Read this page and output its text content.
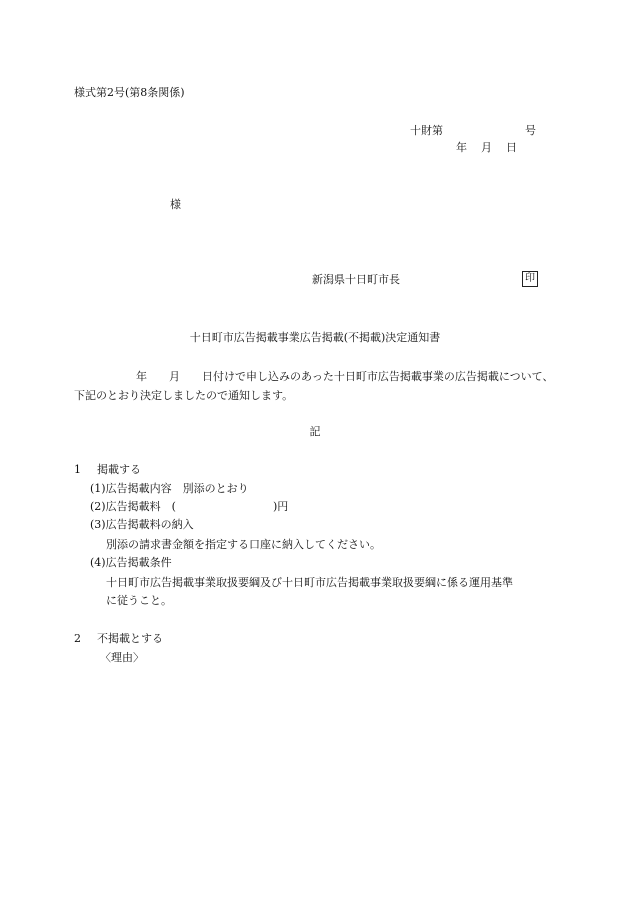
様式第2号(第8条関係)
十財第	号
年 月 日
様
新潟県十日町市長	印
十日町市広告掲載事業広告掲載(不掲載)決定通知書
年 月 日付けで申し込みのあった十日町市広告掲載事業の広告掲載について、下記のとおり決定しましたので通知します。
記
1 掲載する
(1)広告掲載内容　別添のとおり
(2)広告掲載料　(	)円
(3)広告掲載料の納入
別添の請求書金額を指定する口座に納入してください。
(4)広告掲載条件
十日町市広告掲載事業取扱要綱及び十日町市広告掲載事業取扱要綱に係る運用基準
に従うこと。
2 不掲載とする
〈理由〉
